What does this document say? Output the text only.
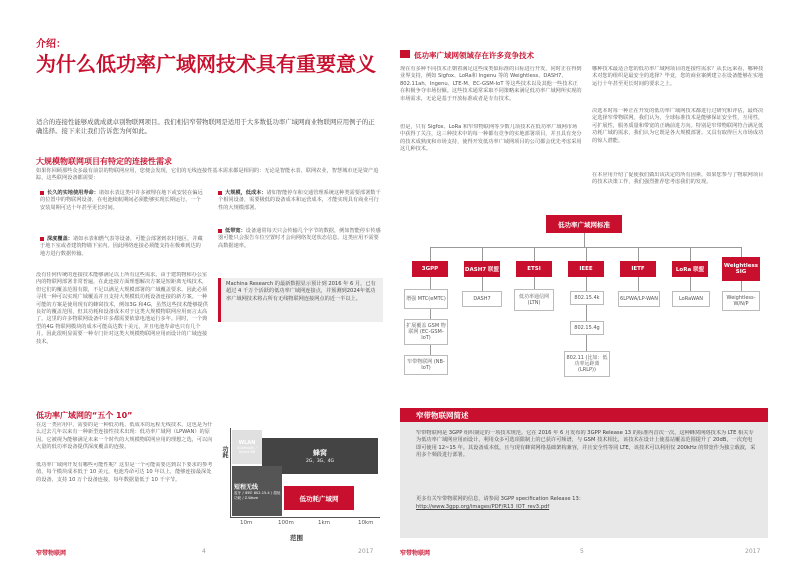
介绍：
为什么低功率广域网技术具有重要意义
适合的连接性能够成就成就卓别物联网项目。我们相信窄带物联网是适用于大多数低功率广域网商业物联网应用例子的正确选择。接下来让我们告诉您为何如此。
大规模物联网项目有特定的连接性需求
如果你回顾那些众多最有前景的物联网应用，您便会发现，它们的无线连接性基本需求都是相同的：无论是智能水表、联网农业，智慧城市还是资产追踪，这些联网设备都需要：
长久的实地使用寿命：诸如水表这类中许多被埋在地下或安装在偏远的位置中的物联网设备，在电池续航期间必须能够实现长期运行，一个安装周期可达十年甚至更长时间。
深度覆盖：诸如水表和燃气表等设备，可能会部署到农村地区，并藏于地下室或者建筑物墙下室内。因此网络连接必须能支持在极难到达的地方进行数据传输。
大规模，低成本：诸如智能停车和交通管理系统这种类需要部署数千个相同设备，需要极低的设备成本和运营成本，才能实现具有商业可行性的大规模部署。
低带宽：设备通常每天只会传输几个字节的数据，例如智能停车传感器可能只会报告车位空置时才会向网络发送状态信息。这类应用不需要高数据速率。
没有任何传统的连接技术能够满足以上所有这些需求。由于建筑物和办公室内的物联网部署非常普遍，在此连接方面理想解决方案是短距离无线技术，但它们的覆盖范围有限，不足以满足大规模部署的广域覆盖要求。因此必须寻找一种可以实现广域覆盖并且支持大规模低功耗设备连接的新方案。一种可能的方案是使用现有的蜂窝技术，例如3G 和4G，虽然这些技术能够提供良好的覆盖范围，但其功耗和设备成本对于这类大规模物联网应用而言太高了。这里的许多物联网设备中许多都需要依靠电池运行多年。同时，一个典型的4G 物联网模块的成本可能高达数十美元，并且电池寿命也只有几个月。因此很明显需要一种专门针对这类大规模物联网应用而设计的广域连接技术。
Machina Research 的最新数据显示预计到 2016 年 6 月，已有超过 4 千万个活跃的低功率广域网连接点，并预测到2024年低功率广域网技术将占所有无线物联网连接网点的近一半以上。
低功率广域网的“五个 10”
在这一类应用中，需要的是一种低功耗、低成本的远程无线技术，这也是为什么过去几年以来有一种新型连接性技术出现：低功率广域网（LPWAN）的原因。它被视为能够满足未来一个时代的大规模物联网应用的理想之选，可以向大量的低功率设备提供深度覆盖的连接。
低功率广域网开发有哪些可能性呢？这里是一个可能需要达到以下要求的参考值，每个模块成本低于 10 美元，电池寿命可达 10 年以上，能够连接最深处的设备，支持 10 万个设备连接，每年数据量低于 10 千字节。
功耗
WLAN
Bluetooth / Smart BB	蜂窝
2G、3G、4G
短程无线
蓝牙 / IEEE 802.15.4 / 超低功耗 / Z-Wave	低功耗广域网
10m	100m	1km	10km
范围
窄带物联网	4	2017
低功率广域网领域存在许多竞争技术
现在有多种不同技术正朝着满足这些成类似标准的目标进行开发，同时正在得到业界支持，例如 Sigfox、LoRa和 Ingenu 等的 Weightless、DASH7、802.11ah、Ingenu、LTE-M、EC-GSM-IoT 等这些技术以及其他一些技术正在积极争夺市场份额。这些技术通常采取不同策略来满足低功率广域网所实现的市场需求，无论是基于开放标准或者是专有技术。
但是，只有 Sigfox、LoRa 和窄带物联网等少数几项技术在低功率广域网市场中获得了关注，这三种技术中的每一种都有竞争的实地部署项目，并且具有充分的技术成熟度和市场支持，使得开发低功率广域网项目的公司都会优先考虑采用这几种技术。
哪种技术最适合您的低功率广域网项目的连接性需求？从长远来看，哪种技术对您的组织是最安全的选择？毕竟，您的商业案例建立在设备能够在实地运行十年甚至更长时间的要求之上。
决选本时每一种正在开发的低功率广域网技术都进行过研究和评估，最终决定选择窄带物联网。我们认为，全球标准技术是能够保证安全性，互用性，可扩展性，服务质量和带宽的正确前进方向。特别是窄带物联网符合满足低功耗广域的需求，我们认为它既是各大规模部署。又具有取得巨大市场成功的惊人潜能。
在本应用介绍了促使我们做出该决定的所有因素。如果您参与了物联网项目的技术决策工作，我们强烈推荐您考虑我们的发现。
低功率广域网标准
3GPP	DASH7 联盟	ETSI	IEEE	IETF	LoRa 联盟
Weightless SIG
增强 MTC(eMTC)
扩展覆盖 GSM 物联网 (EC-GSM-IoT)
窄带物联网 (NB-IoT)
DASH7	低功率通信网 (LTN)
802.15.4k
802.15.4g
802.11 (比如：低功率远距离 (LRLP))
6LPWA/LP-WAN	LoRaWAN	Weightless-W/N/P
窄带物联网简述
窄带物联网是 3GPP 组织制定的一项技术规范。它在 2016 年 6 月发布的 3GPP Release 13 的标准内首次一次。这种蜂窝网络技术为 LTE 相关专为低功率广域网应用而设计，利用众多可选项限制上的已获许可频谱，与 GSM 技术相比，该技术在设计上使基站覆盖范围提升了 20dB，一次充电即可使用 12~15 年。其设备成本低，且与现有蜂窝网络基础架构兼容，并且安全性等同 LTE，该技术可以利用仅 200kHz 的带宽作为独立载波，采用多个频段进行部署。
更多有关窄带物联网的信息，请参阅 3GPP specification Release 13：
http://www.3gpp.org/images/PDF/R13_IOT_rev3.pdf
窄带物联网	5	2017
